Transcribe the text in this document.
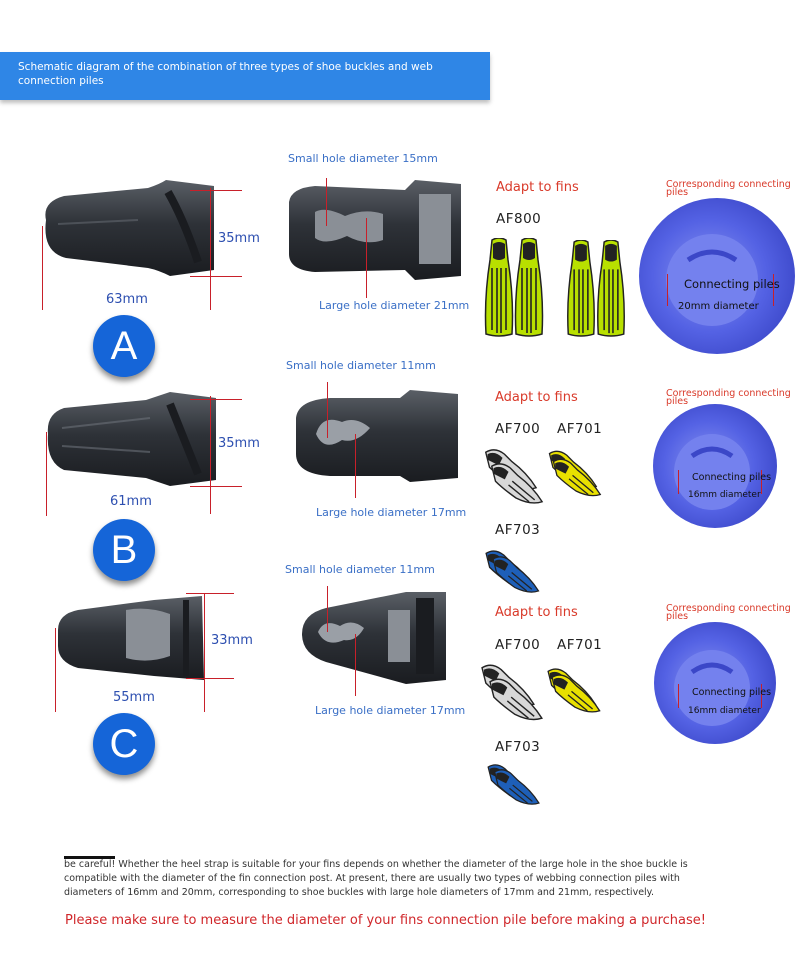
Schematic diagram of the combination of three types of shoe buckles and web connection piles
35mm
63mm
A
Small hole diameter 15mm
Large hole diameter 21mm
Adapt to fins
AF800
Corresponding connecting piles
Connecting piles
20mm diameter
35mm
61mm
B
Small hole diameter 11mm
Large hole diameter 17mm
Adapt to fins
AF700 AF701
AF703
Corresponding connecting piles
Connecting piles
16mm diameter
33mm
55mm
C
Small hole diameter 11mm
Large hole diameter 17mm
Adapt to fins
AF700 AF701
AF703
Corresponding connecting piles
Connecting piles
16mm diameter
be careful! Whether the heel strap is suitable for your fins depends on whether the diameter of the large hole in the shoe buckle is compatible with the diameter of the fin connection post. At present, there are usually two types of webbing connection piles with diameters of 16mm and 20mm, corresponding to shoe buckles with large hole diameters of 17mm and 21mm, respectively.
Please make sure to measure the diameter of your fins connection pile before making a purchase!
